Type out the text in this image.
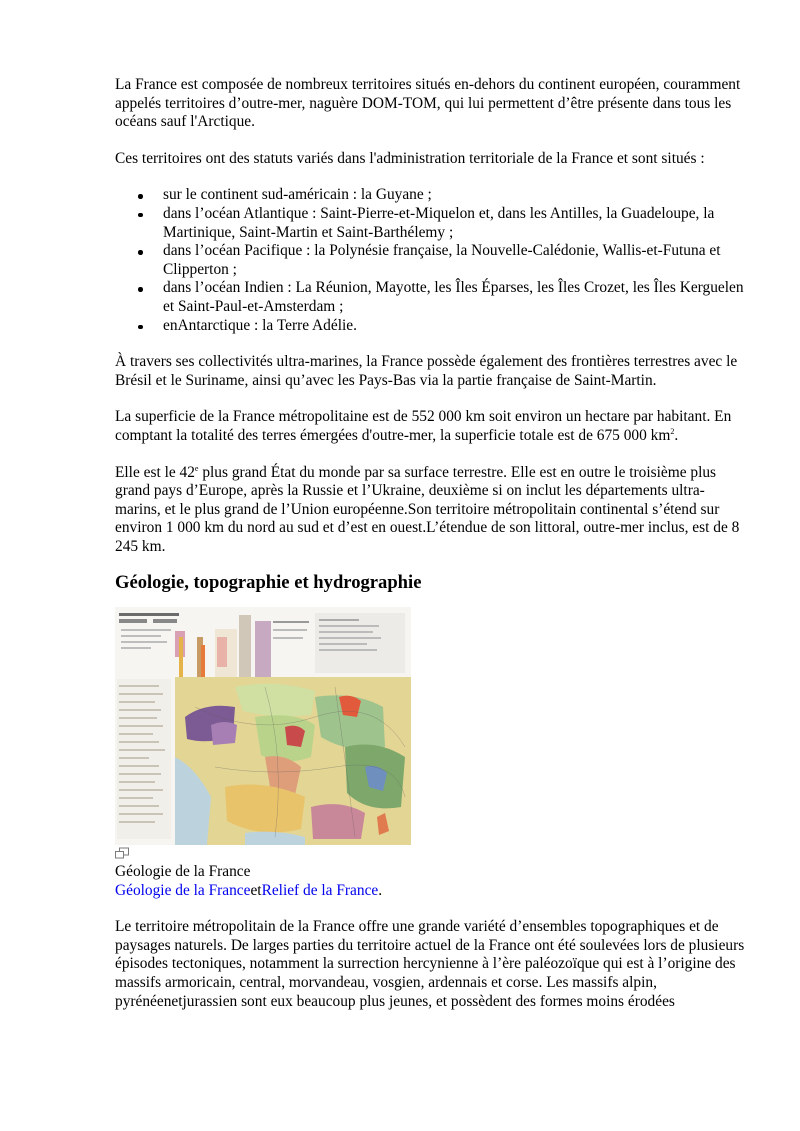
La France est composée de nombreux territoires situés en-dehors du continent européen, couramment appelés territoires d’outre-mer, naguère DOM-TOM, qui lui permettent d’être présente dans tous les océans sauf l'Arctique.

Ces territoires ont des statuts variés dans l'administration territoriale de la France et sont situés :

sur le continent sud-américain : la Guyane ;
dans l’océan Atlantique : Saint-Pierre-et-Miquelon et, dans les Antilles, la Guadeloupe, la Martinique, Saint-Martin et Saint-Barthélemy ;
dans l’océan Pacifique : la Polynésie française, la Nouvelle-Calédonie, Wallis-et-Futuna et Clipperton ;
dans l’océan Indien : La Réunion, Mayotte, les Îles Éparses, les Îles Crozet, les Îles Kerguelen et Saint-Paul-et-Amsterdam ;
enAntarctique : la Terre Adélie.

À travers ses collectivités ultra-marines, la France possède également des frontières terrestres avec le Brésil et le Suriname, ainsi qu’avec les Pays-Bas via la partie française de Saint-Martin.

La superficie de la France métropolitaine est de 552 000 km soit environ un hectare par habitant. En comptant la totalité des terres émergées d'outre-mer, la superficie totale est de 675 000 $km^2$.

Elle est le 42e plus grand État du monde par sa surface terrestre. Elle est en outre le troisième plus grand pays d’Europe, après la Russie et l’Ukraine, deuxième si on inclut les départements ultra-marins, et le plus grand de l’Union européenne.Son territoire métropolitain continental s’étend sur environ 1 000 km du nord au sud et d’est en ouest.L’étendue de son littoral, outre-mer inclus, est de 8 245 km.

Géologie, topographie et hydrographie

Géologie de la France

Géologie de la FranceetRelief de la France.

Le territoire métropolitain de la France offre une grande variété d’ensembles topographiques et de paysages naturels. De larges parties du territoire actuel de la France ont été soulevées lors de plusieurs épisodes tectoniques, notamment la surrection hercynienne à l’ère paléozoïque qui est à l’origine des massifs armoricain, central, morvandeau, vosgien, ardennais et corse. Les massifs alpin, pyrénéenetjurassien sont eux beaucoup plus jeunes, et possèdent des formes moins érodées
